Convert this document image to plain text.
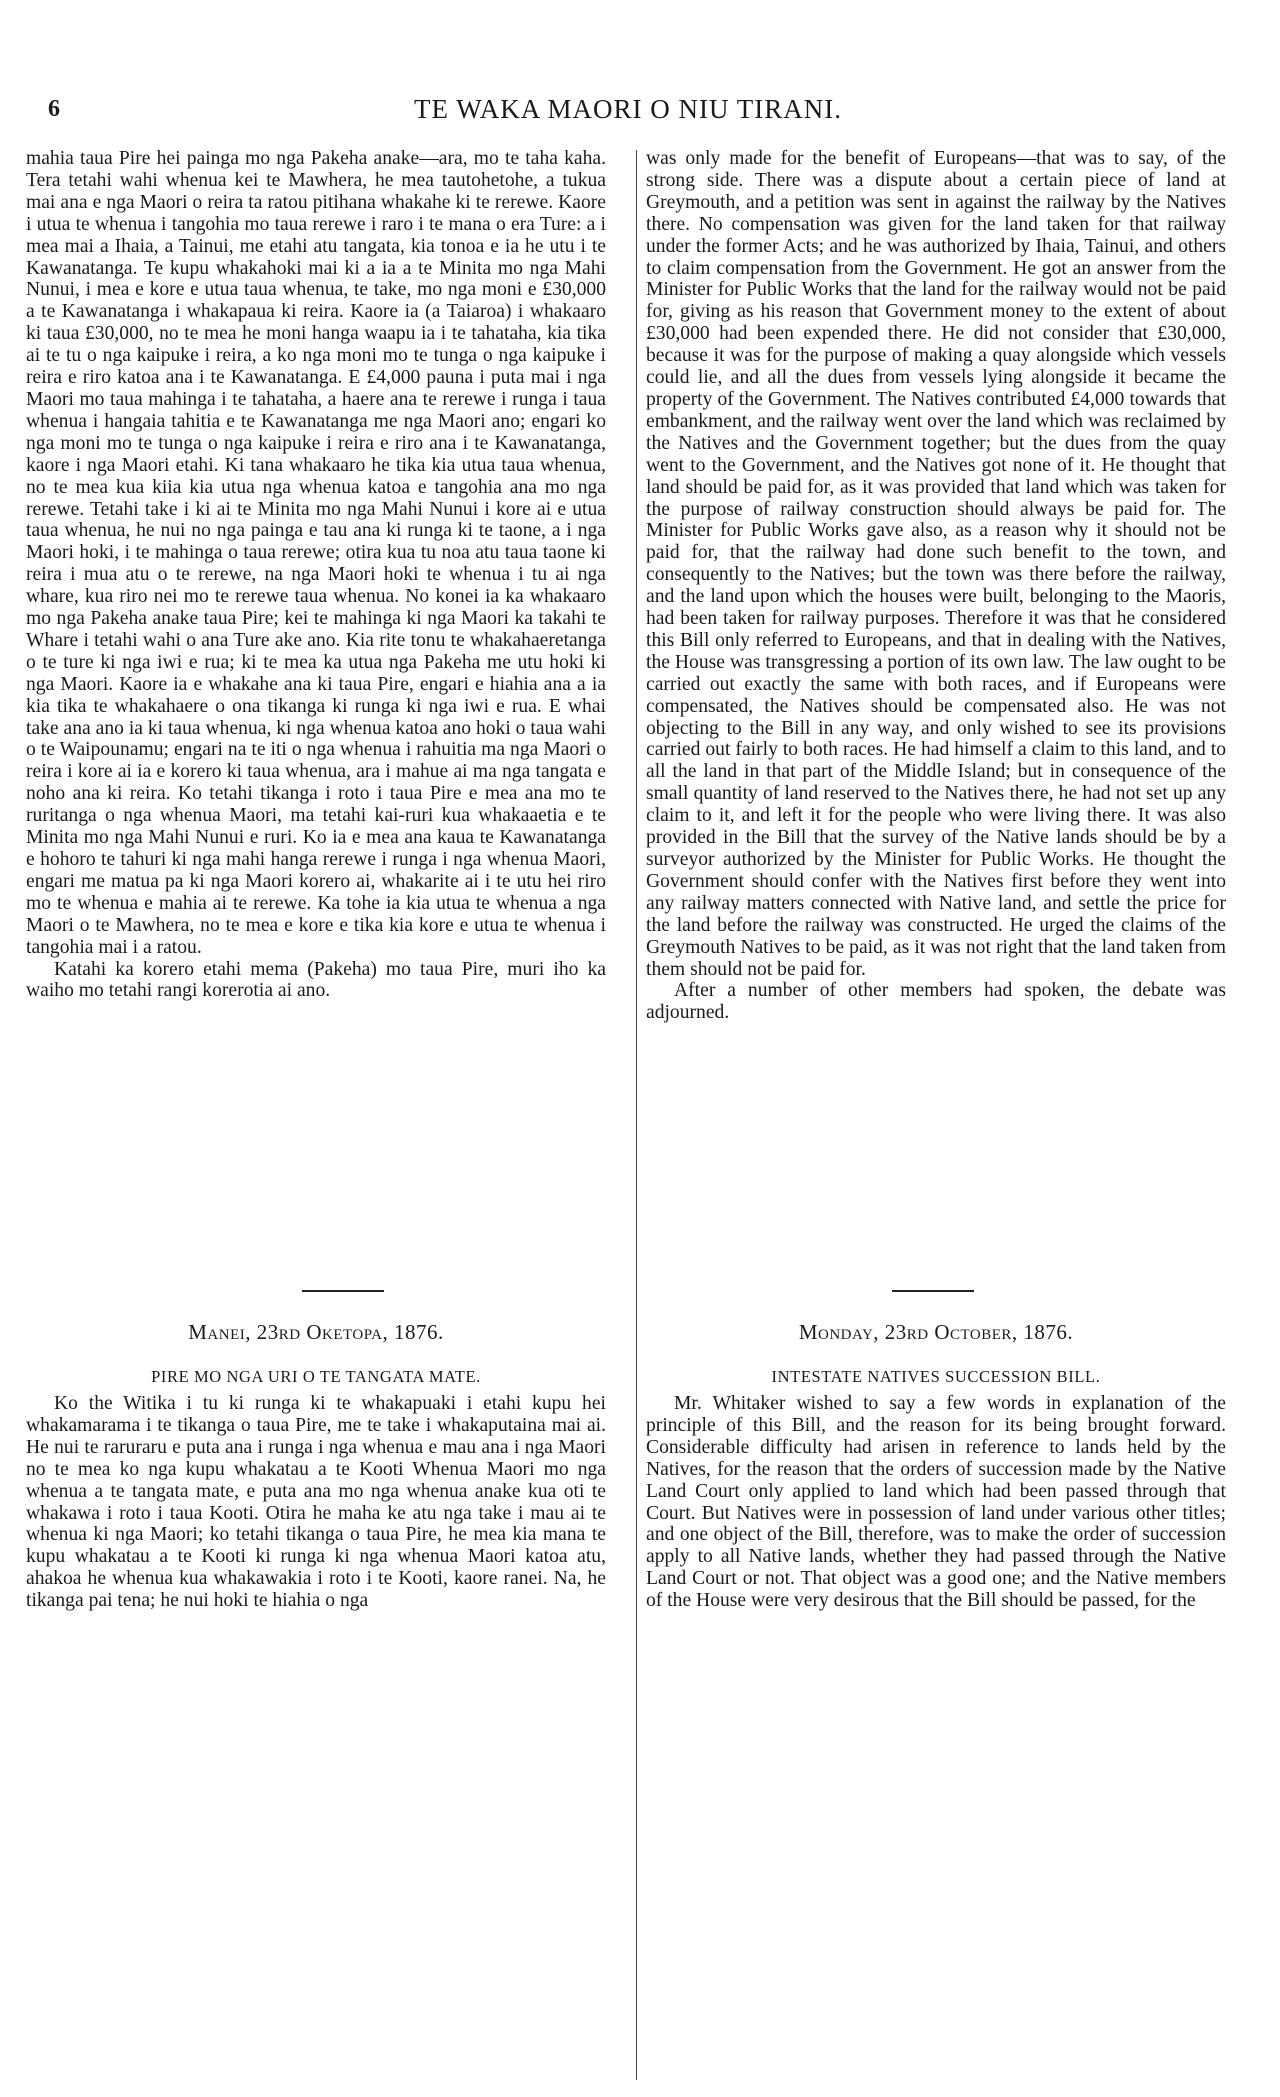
6	TE WAKA MAORI O NIU TIRANI.

mahia taua Pire hei painga mo nga Pakeha anake—ara, mo te taha kaha. Tera tetahi wahi whenua kei te Mawhera, he mea tautohetohe, a tukua mai ana e nga Maori o reira ta ratou pitihana whakahe ki te rerewe. Kaore i utua te whenua i tangohia mo taua rerewe i raro i te mana o era Ture: a i mea mai a Ihaia, a Tainui, me etahi atu tangata, kia tonoa e ia he utu i te Kawanatanga. Te kupu whakahoki mai ki a ia a te Minita mo nga Mahi Nunui, i mea e kore e utua taua whenua, te take, mo nga moni e £30,000 a te Kawanatanga i whakapaua ki reira. Kaore ia (a Taiaroa) i whakaaro ki taua £30,000, no te mea he moni hanga waapu ia i te tahataha, kia tika ai te tu o nga kaipuke i reira, a ko nga moni mo te tunga o nga kaipuke i reira e riro katoa ana i te Kawanatanga. E £4,000 pauna i puta mai i nga Maori mo taua mahinga i te tahataha, a haere ana te rerewe i runga i taua whenua i hangaia tahitia e te Kawanatanga me nga Maori ano; engari ko nga moni mo te tunga o nga kaipuke i reira e riro ana i te Kawanatanga, kaore i nga Maori etahi. Ki tana whakaaro he tika kia utua taua whenua, no te mea kua kiia kia utua nga whenua katoa e tangohia ana mo nga rerewe. Tetahi take i ki ai te Minita mo nga Mahi Nunui i kore ai e utua taua whenua, he nui no nga painga e tau ana ki runga ki te taone, a i nga Maori hoki, i te mahinga o taua rerewe; otira kua tu noa atu taua taone ki reira i mua atu o te rerewe, na nga Maori hoki te whenua i tu ai nga whare, kua riro nei mo te rerewe taua whenua. No konei ia ka whakaaro mo nga Pakeha anake taua Pire; kei te mahinga ki nga Maori ka takahi te Whare i tetahi wahi o ana Ture ake ano. Kia rite tonu te whakahaeretanga o te ture ki nga iwi e rua; ki te mea ka utua nga Pakeha me utu hoki ki nga Maori. Kaore ia e whakahe ana ki taua Pire, engari e hiahia ana a ia kia tika te whakahaere o ona tikanga ki runga ki nga iwi e rua. E whai take ana ano ia ki taua whenua, ki nga whenua katoa ano hoki o taua wahi o te Waipounamu; engari na te iti o nga whenua i rahuitia ma nga Maori o reira i kore ai ia e korero ki taua whenua, ara i mahue ai ma nga tangata e noho ana ki reira. Ko tetahi tikanga i roto i taua Pire e mea ana mo te ruritanga o nga whenua Maori, ma tetahi kai-ruri kua whakaaetia e te Minita mo nga Mahi Nunui e ruri. Ko ia e mea ana kaua te Kawanatanga e hohoro te tahuri ki nga mahi hanga rerewe i runga i nga whenua Maori, engari me matua pa ki nga Maori korero ai, whakarite ai i te utu hei riro mo te whenua e mahia ai te rerewe. Ka tohe ia kia utua te whenua a nga Maori o te Mawhera, no te mea e kore e tika kia kore e utua te whenua i tangohia mai i a ratou.

Katahi ka korero etahi mema (Pakeha) mo taua Pire, muri iho ka waiho mo tetahi rangi korerotia ai ano.

was only made for the benefit of Europeans—that was to say, of the strong side. There was a dispute about a certain piece of land at Greymouth, and a petition was sent in against the railway by the Natives there. No compensation was given for the land taken for that railway under the former Acts; and he was authorized by Ihaia, Tainui, and others to claim compensation from the Government. He got an answer from the Minister for Public Works that the land for the railway would not be paid for, giving as his reason that Government money to the extent of about £30,000 had been expended there. He did not consider that £30,000, because it was for the purpose of making a quay alongside which vessels could lie, and all the dues from vessels lying alongside it became the property of the Government. The Natives contributed £4,000 towards that embankment, and the railway went over the land which was reclaimed by the Natives and the Government together; but the dues from the quay went to the Government, and the Natives got none of it. He thought that land should be paid for, as it was provided that land which was taken for the purpose of railway construction should always be paid for. The Minister for Public Works gave also, as a reason why it should not be paid for, that the railway had done such benefit to the town, and consequently to the Natives; but the town was there before the railway, and the land upon which the houses were built, belonging to the Maoris, had been taken for railway purposes. Therefore it was that he considered this Bill only referred to Europeans, and that in dealing with the Natives, the House was transgressing a portion of its own law. The law ought to be carried out exactly the same with both races, and if Europeans were compensated, the Natives should be compensated also. He was not objecting to the Bill in any way, and only wished to see its provisions carried out fairly to both races. He had himself a claim to this land, and to all the land in that part of the Middle Island; but in consequence of the small quantity of land reserved to the Natives there, he had not set up any claim to it, and left it for the people who were living there. It was also provided in the Bill that the survey of the Native lands should be by a surveyor authorized by the Minister for Public Works. He thought the Government should confer with the Natives first before they went into any railway matters connected with Native land, and settle the price for the land before the railway was constructed. He urged the claims of the Greymouth Natives to be paid, as it was not right that the land taken from them should not be paid for.

After a number of other members had spoken, the debate was adjourned.

Manei, 23rd Oketopa, 1876.	Monday, 23rd October, 1876.
PIRE MO NGA URI O TE TANGATA MATE.	INTESTATE NATIVES SUCCESSION BILL.

Ko the Witika i tu ki runga ki te whakapuaki i etahi kupu hei whakamarama i te tikanga o taua Pire, me te take i whakaputaina mai ai. He nui te raruraru e puta ana i runga i nga whenua e mau ana i nga Maori no te mea ko nga kupu whakatau a te Kooti Whenua Maori mo nga whenua a te tangata mate, e puta ana mo nga whenua anake kua oti te whakawa i roto i taua Kooti. Otira he maha ke atu nga take i mau ai te whenua ki nga Maori; ko tetahi tikanga o taua Pire, he mea kia mana te kupu whakatau a te Kooti ki runga ki nga whenua Maori katoa atu, ahakoa he whenua kua whakawakia i roto i te Kooti, kaore ranei. Na, he tikanga pai tena; he nui hoki te hiahia o nga

Mr. Whitaker wished to say a few words in explanation of the principle of this Bill, and the reason for its being brought forward. Considerable difficulty had arisen in reference to lands held by the Natives, for the reason that the orders of succession made by the Native Land Court only applied to land which had been passed through that Court. But Natives were in possession of land under various other titles; and one object of the Bill, therefore, was to make the order of succession apply to all Native lands, whether they had passed through the Native Land Court or not. That object was a good one; and the Native members of the House were very desirous that the Bill should be passed, for the
